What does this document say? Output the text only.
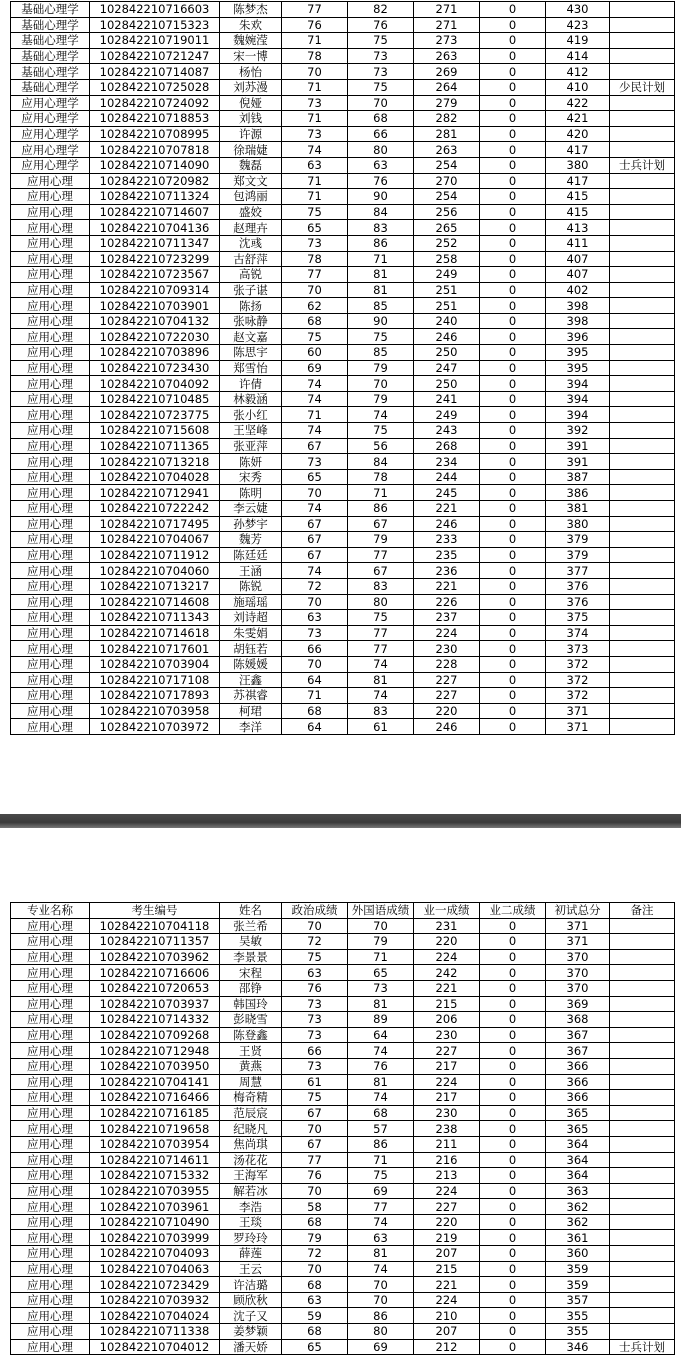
基础心理学	102842210716603	陈梦杰	77	82	271	0	430	
基础心理学	102842210715323	朱欢	76	76	271	0	423	
基础心理学	102842210719011	魏婉滢	71	75	273	0	419	
基础心理学	102842210721247	宋一博	78	73	263	0	414	
基础心理学	102842210714087	杨怡	70	73	269	0	412	
基础心理学	102842210725028	刘苏漫	71	75	264	0	410	少民计划
应用心理学	102842210724092	倪娅	73	70	279	0	422	
应用心理学	102842210718853	刘钱	71	68	282	0	421	
应用心理学	102842210708995	许源	73	66	281	0	420	
应用心理学	102842210707818	徐瑞婕	74	80	263	0	417	
应用心理学	102842210714090	魏磊	63	63	254	0	380	士兵计划
应用心理	102842210720982	郑文文	71	76	270	0	417	
应用心理	102842210711324	包鸿丽	71	90	254	0	415	
应用心理	102842210714607	盛姣	75	84	256	0	415	
应用心理	102842210704136	赵理卉	65	83	265	0	413	
应用心理	102842210711347	沈彧	73	86	252	0	411	
应用心理	102842210723299	古舒萍	78	71	258	0	407	
应用心理	102842210723567	高锐	77	81	249	0	407	
应用心理	102842210709314	张子谌	70	81	251	0	402	
应用心理	102842210703901	陈扬	62	85	251	0	398	
应用心理	102842210704132	张咏静	68	90	240	0	398	
应用心理	102842210722030	赵文嘉	75	75	246	0	396	
应用心理	102842210703896	陈思宇	60	85	250	0	395	
应用心理	102842210723430	郑雪怡	69	79	247	0	395	
应用心理	102842210704092	许倩	74	70	250	0	394	
应用心理	102842210710485	林毅涵	74	79	241	0	394	
应用心理	102842210723775	张小红	71	74	249	0	394	
应用心理	102842210715608	王坚峰	74	75	243	0	392	
应用心理	102842210711365	张亚萍	67	56	268	0	391	
应用心理	102842210713218	陈妍	73	84	234	0	391	
应用心理	102842210704028	宋秀	65	78	244	0	387	
应用心理	102842210712941	陈明	70	71	245	0	386	
应用心理	102842210722242	李云婕	74	86	221	0	381	
应用心理	102842210717495	孙梦宇	67	67	246	0	380	
应用心理	102842210704067	魏芳	67	79	233	0	379	
应用心理	102842210711912	陈廷廷	67	77	235	0	379	
应用心理	102842210704060	王涵	74	67	236	0	377	
应用心理	102842210713217	陈锐	72	83	221	0	376	
应用心理	102842210714608	施瑶瑶	70	80	226	0	376	
应用心理	102842210711343	刘诗超	63	75	237	0	375	
应用心理	102842210714618	朱雯娟	73	77	224	0	374	
应用心理	102842210717601	胡钰若	66	77	230	0	373	
应用心理	102842210703904	陈媛媛	70	74	228	0	372	
应用心理	102842210717108	汪鑫	64	81	227	0	372	
应用心理	102842210717893	苏祺睿	71	74	227	0	372	
应用心理	102842210703958	柯珺	68	83	220	0	371	
应用心理	102842210703972	李洋	64	61	246	0	371	
专业名称	考生编号	姓名	政治成绩	外国语成绩	业一成绩	业二成绩	初试总分	备注
应用心理	102842210704118	张兰希	70	70	231	0	371	
应用心理	102842210711357	吴敏	72	79	220	0	371	
应用心理	102842210703962	李景景	75	71	224	0	370	
应用心理	102842210716606	宋程	63	65	242	0	370	
应用心理	102842210720653	邵铮	76	73	221	0	370	
应用心理	102842210703937	韩国玲	73	81	215	0	369	
应用心理	102842210714332	彭晓雪	73	89	206	0	368	
应用心理	102842210709268	陈登鑫	73	64	230	0	367	
应用心理	102842210712948	王贤	66	74	227	0	367	
应用心理	102842210703950	黄燕	73	76	217	0	366	
应用心理	102842210704141	周慧	61	81	224	0	366	
应用心理	102842210716466	梅奇精	75	74	217	0	366	
应用心理	102842210716185	范辰宸	67	68	230	0	365	
应用心理	102842210719658	纪晓凡	70	57	238	0	365	
应用心理	102842210703954	焦尚琪	67	86	211	0	364	
应用心理	102842210714611	汤花花	77	71	216	0	364	
应用心理	102842210715332	王海军	76	75	213	0	364	
应用心理	102842210703955	解若冰	70	69	224	0	363	
应用心理	102842210703961	李浩	58	77	227	0	362	
应用心理	102842210710490	王琰	68	74	220	0	362	
应用心理	102842210703999	罗玲玲	79	63	219	0	361	
应用心理	102842210704093	薛莲	72	81	207	0	360	
应用心理	102842210704063	王云	70	74	215	0	359	
应用心理	102842210723429	许洁璐	68	70	221	0	359	
应用心理	102842210703932	顾欣秋	63	70	224	0	357	
应用心理	102842210704024	沈子又	59	86	210	0	355	
应用心理	102842210711338	姜梦颖	68	80	207	0	355	
应用心理	102842210704012	潘天娇	65	69	212	0	346	士兵计划
